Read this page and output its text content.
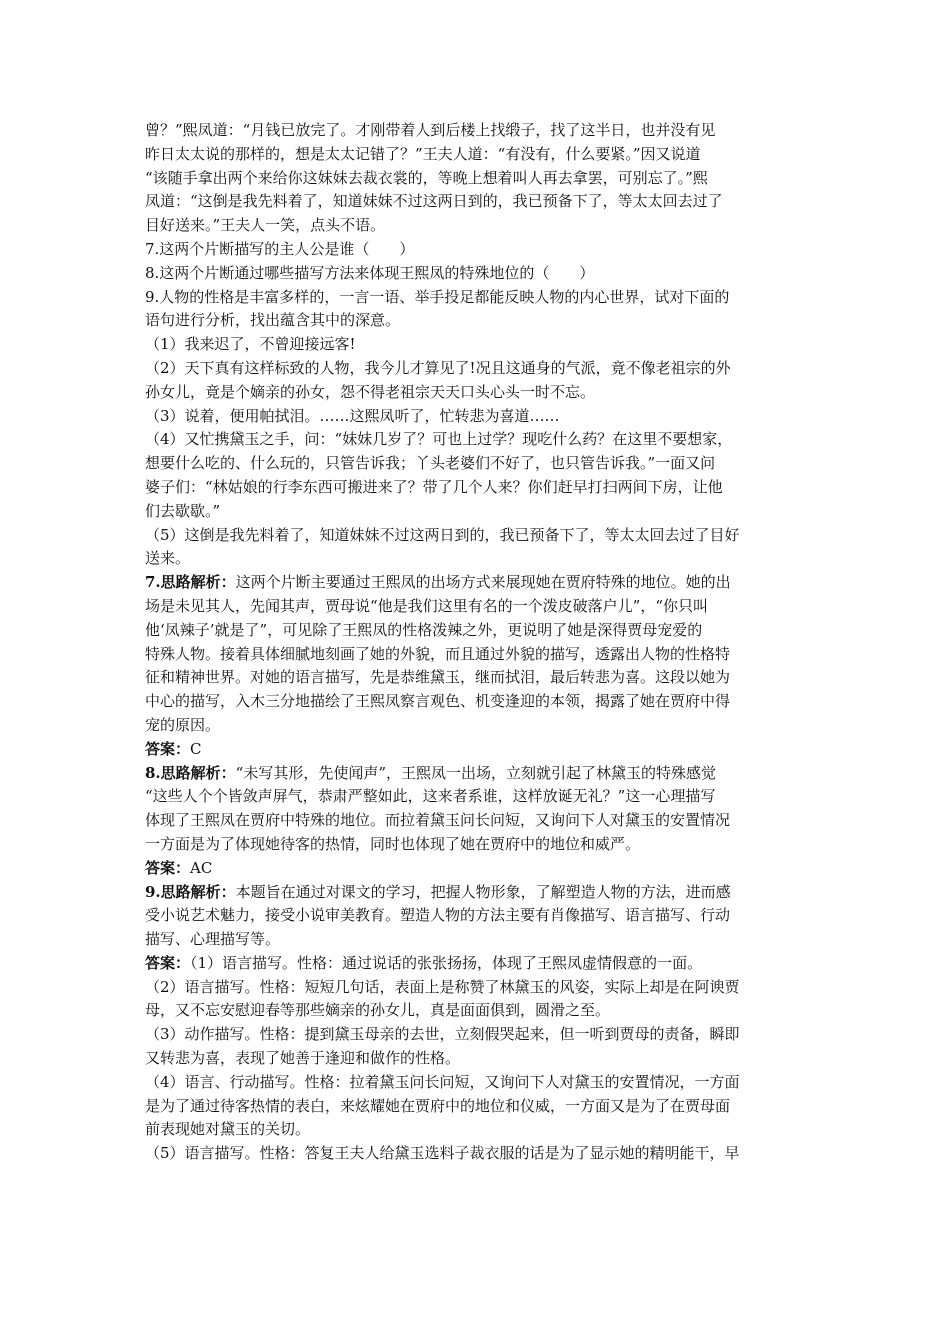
曾？”熙凤道：“月钱已放完了。才刚带着人到后楼上找缎子，找了这半日，也并没有见
昨日太太说的那样的，想是太太记错了？”王夫人道：“有没有，什么要紧。”因又说道
“该随手拿出两个来给你这妹妹去裁衣裳的，等晚上想着叫人再去拿罢，可别忘了。”熙
凤道：“这倒是我先料着了，知道妹妹不过这两日到的，我已预备下了，等太太回去过了
目好送来。”王夫人一笑，点头不语。
7.这两个片断描写的主人公是谁（　　）
8.这两个片断通过哪些描写方法来体现王熙凤的特殊地位的（　　）
9.人物的性格是丰富多样的，一言一语、举手投足都能反映人物的内心世界，试对下面的
语句进行分析，找出蕴含其中的深意。
（1）我来迟了，不曾迎接远客!
（2）天下真有这样标致的人物，我今儿才算见了!况且这通身的气派，竟不像老祖宗的外
孙女儿，竟是个嫡亲的孙女，怨不得老祖宗天天口头心头一时不忘。
（3）说着，便用帕拭泪。……这熙凤听了，忙转悲为喜道……
（4）又忙携黛玉之手，问：“妹妹几岁了？可也上过学？现吃什么药？在这里不要想家，
想要什么吃的、什么玩的，只管告诉我；丫头老婆们不好了，也只管告诉我。”一面又问
婆子们：“林姑娘的行李东西可搬进来了？带了几个人来？你们赶早打扫两间下房，让他
们去歇歇。”
（5）这倒是我先料着了，知道妹妹不过这两日到的，我已预备下了，等太太回去过了目好
送来。
7.思路解析：这两个片断主要通过王熙凤的出场方式来展现她在贾府特殊的地位。她的出
场是未见其人，先闻其声，贾母说“他是我们这里有名的一个泼皮破落户儿”，“你只叫
他‘凤辣子’就是了”，可见除了王熙凤的性格泼辣之外，更说明了她是深得贾母宠爱的
特殊人物。接着具体细腻地刻画了她的外貌，而且通过外貌的描写，透露出人物的性格特
征和精神世界。对她的语言描写，先是恭维黛玉，继而拭泪，最后转悲为喜。这段以她为
中心的描写，入木三分地描绘了王熙凤察言观色、机变逢迎的本领，揭露了她在贾府中得
宠的原因。
答案：C
8.思路解析：“未写其形，先使闻声”，王熙凤一出场，立刻就引起了林黛玉的特殊感觉
“这些人个个皆敛声屏气，恭肃严整如此，这来者系谁，这样放诞无礼？”这一心理描写
体现了王熙凤在贾府中特殊的地位。而拉着黛玉问长问短，又询问下人对黛玉的安置情况
一方面是为了体现她待客的热情，同时也体现了她在贾府中的地位和威严。
答案：AC
9.思路解析：本题旨在通过对课文的学习，把握人物形象，了解塑造人物的方法，进而感
受小说艺术魅力，接受小说审美教育。塑造人物的方法主要有肖像描写、语言描写、行动
描写、心理描写等。
答案：（1）语言描写。性格：通过说话的张张扬扬，体现了王熙凤虚情假意的一面。
（2）语言描写。性格：短短几句话，表面上是称赞了林黛玉的风姿，实际上却是在阿谀贾
母，又不忘安慰迎春等那些嫡亲的孙女儿，真是面面俱到，圆滑之至。
（3）动作描写。性格：提到黛玉母亲的去世，立刻假哭起来，但一听到贾母的责备，瞬即
又转悲为喜，表现了她善于逢迎和做作的性格。
（4）语言、行动描写。性格：拉着黛玉问长问短，又询问下人对黛玉的安置情况，一方面
是为了通过待客热情的表白，来炫耀她在贾府中的地位和仪威，一方面又是为了在贾母面
前表现她对黛玉的关切。
（5）语言描写。性格：答复王夫人给黛玉选料子裁衣服的话是为了显示她的精明能干，早
